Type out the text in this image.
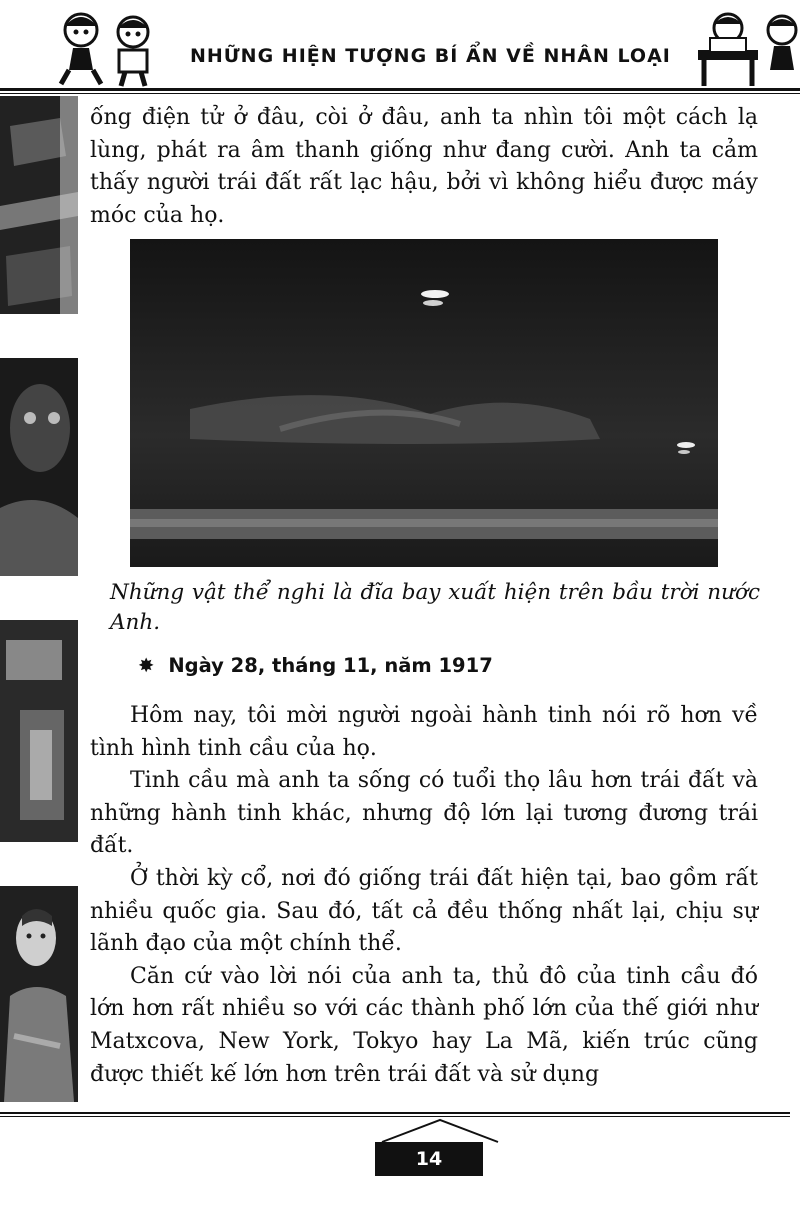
NHỮNG HIỆN TƯỢNG BÍ ẨN VỀ NHÂN LOẠI

ống điện tử ở đâu, còi ở đâu, anh ta nhìn tôi một cách lạ lùng, phát ra âm thanh giống như đang cười. Anh ta cảm thấy người trái đất rất lạc hậu, bởi vì không hiểu được máy móc của họ.

Những vật thể nghi là đĩa bay xuất hiện trên bầu trời nước Anh.
✸ Ngày 28, tháng 11, năm 1917

Hôm nay, tôi mời người ngoài hành tinh nói rõ hơn về tình hình tinh cầu của họ.

Tinh cầu mà anh ta sống có tuổi thọ lâu hơn trái đất và những hành tinh khác, nhưng độ lớn lại tương đương trái đất.

Ở thời kỳ cổ, nơi đó giống trái đất hiện tại, bao gồm rất nhiều quốc gia. Sau đó, tất cả đều thống nhất lại, chịu sự lãnh đạo của một chính thể.

Căn cứ vào lời nói của anh ta, thủ đô của tinh cầu đó lớn hơn rất nhiều so với các thành phố lớn của thế giới như Matxcova, New York, Tokyo hay La Mã, kiến trúc cũng được thiết kế lớn hơn trên trái đất và sử dụng

14
